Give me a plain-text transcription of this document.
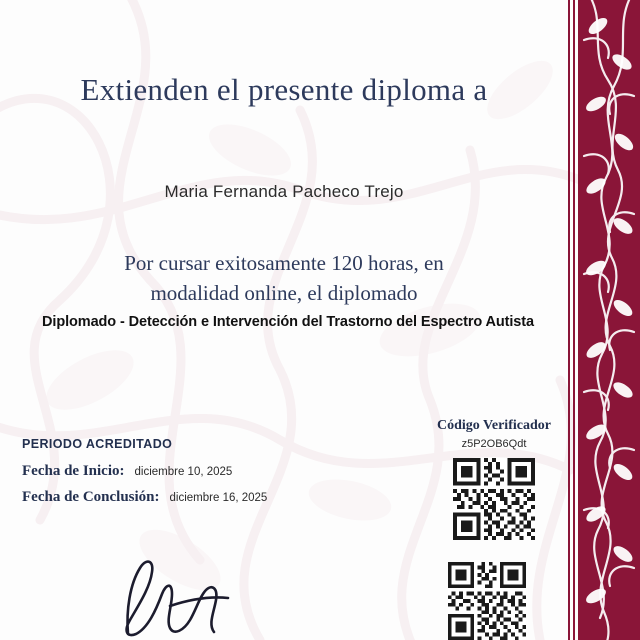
Extienden el presente diploma a
Maria Fernanda Pacheco Trejo
Por cursar exitosamente 120 horas, en
modalidad online, el diplomado
Diplomado - Detección e Intervención del Trastorno del Espectro Autista
PERIODO ACREDITADO
Fecha de Inicio: diciembre 10, 2025
Fecha de Conclusión: diciembre 16, 2025
Código Verificador
z5P2OB6Qdt
